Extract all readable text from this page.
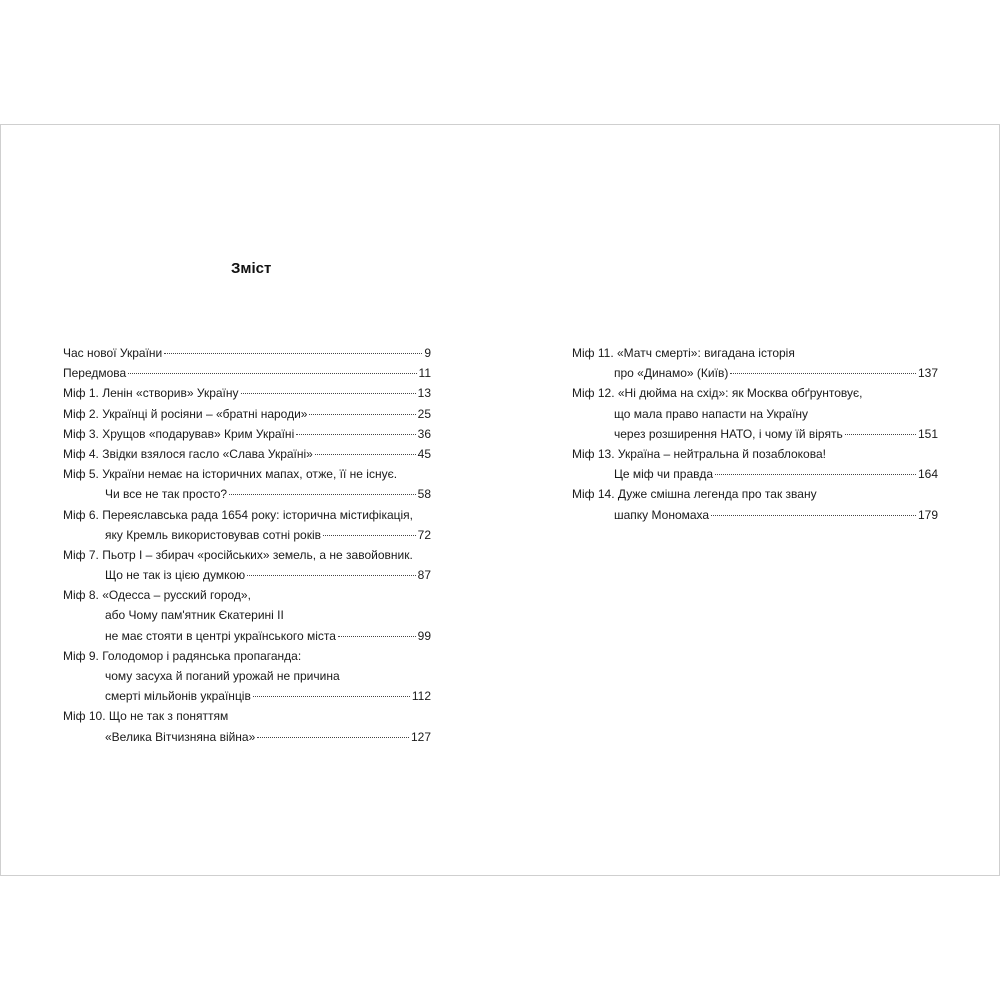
Зміст
Час нової України	9
Передмова	11
Міф 1. Ленін «створив» Україну	13
Міф 2. Українці й росіяни – «братні народи»	25
Міф 3. Хрущов «подарував» Крим Україні	36
Міф 4. Звідки взялося гасло «Слава Україні»	45
Міф 5. України немає на історичних мапах, отже, її не існує.
Чи все не так просто?	58
Міф 6. Переяславська рада 1654 року: історична містифікація,
яку Кремль використовував сотні років	72
Міф 7. Пьотр І – збирач «російських» земель, а не завойовник.
Що не так із цією думкою	87
Міф 8. «Одесса – русский город»,
або Чому пам'ятник Єкатерині ІІ
не має стояти в центрі українського міста	99
Міф 9. Голодомор і радянська пропаганда:
чому засуха й поганий урожай не причина
смерті мільйонів українців	112
Міф 10. Що не так з поняттям
«Велика Вітчизняна війна»	127
Міф 11. «Матч смерті»: вигадана історія
про «Динамо» (Київ)	137
Міф 12. «Ні дюйма на схід»: як Москва обґрунтовує,
що мала право напасти на Україну
через розширення НАТО, і чому їй вірять	151
Міф 13. Україна – нейтральна й позаблокова!
Це міф чи правда	164
Міф 14. Дуже смішна легенда про так звану
шапку Мономаха	179
